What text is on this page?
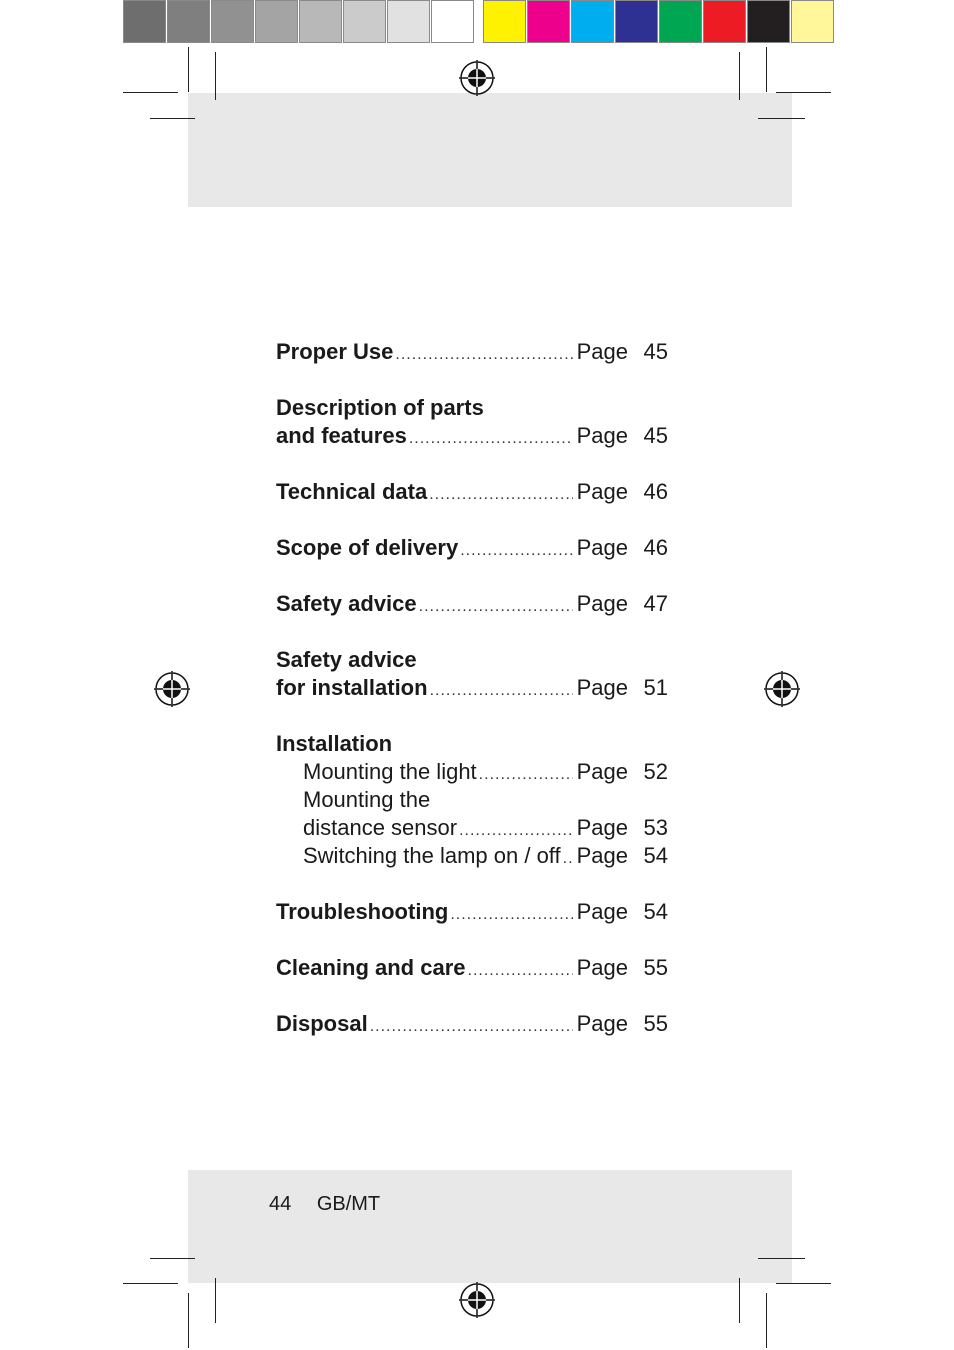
Proper Use .....	Page 45
Description of parts
and features .....	Page 45
Technical data .....	Page 46
Scope of delivery .....	Page 46
Safety advice .....	Page 47
Safety advice
for installation .....	Page 51
Installation
Mounting the light .....	Page 52
Mounting the
distance sensor .....	Page 53
Switching the lamp on / off ..... Page 54
Troubleshooting .....	Page 54
Cleaning and care .....	Page 55
Disposal .....	Page 55
44 GB/MT
